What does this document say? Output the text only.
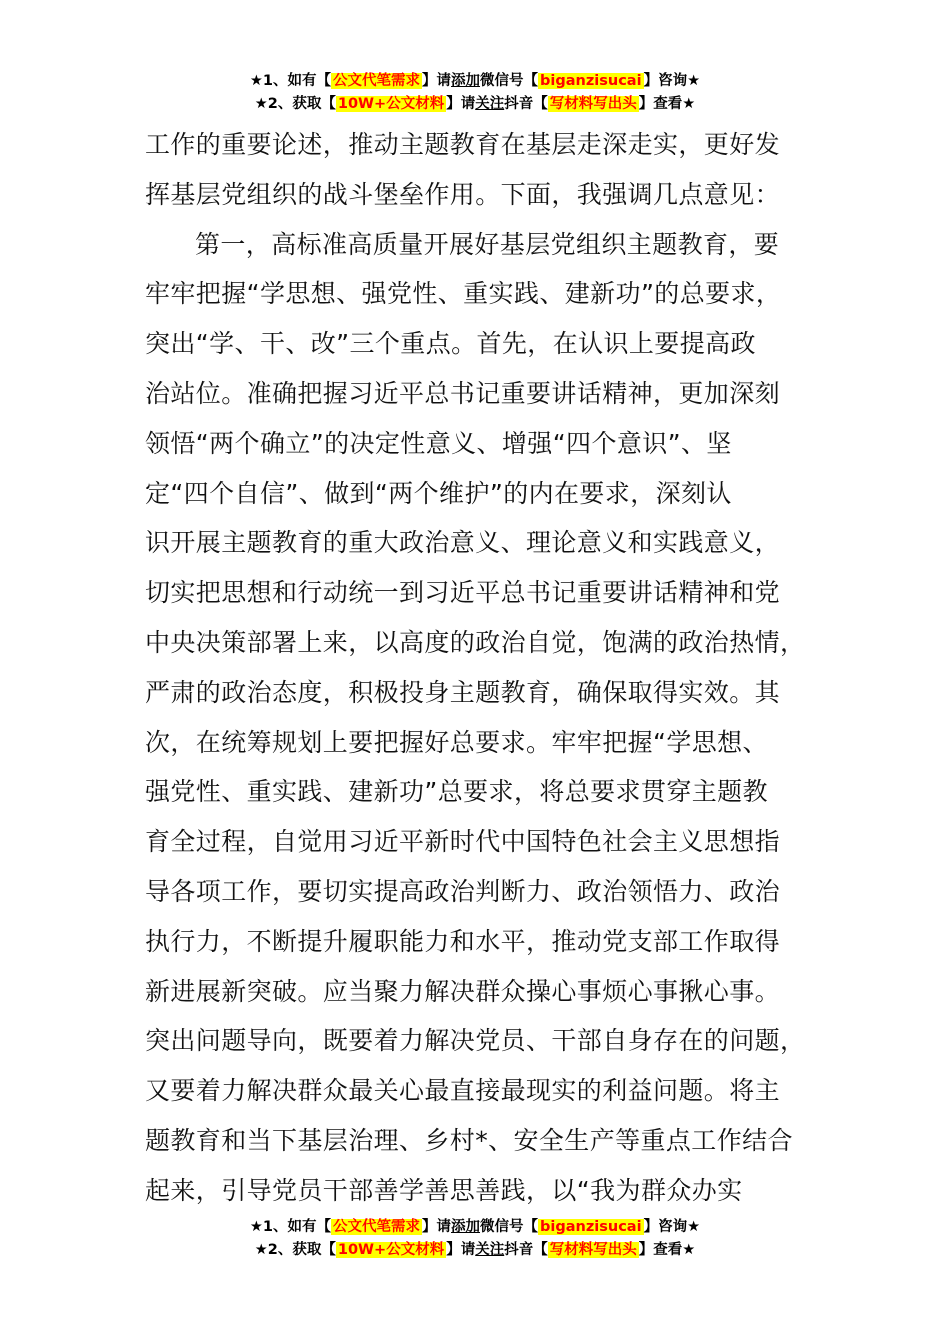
★1、如有【 公文代笔需求 】请添加微信号【 biganzisucai 】咨询★
★2、获取【 10W+公文材料 】请关注抖音【 写材料写出头 】查看★
工作的重要论述，推动主题教育在基层走深走实，更好发
挥基层党组织的战斗堡垒作用。下面，我强调几点意见：
第一，高标准高质量开展好基层党组织主题教育，要
牢牢把握“学思想、强党性、重实践、建新功”的总要求，
突出“学、干、改”三个重点。首先，在认识上要提高政
治站位。准确把握习近平总书记重要讲话精神，更加深刻
领悟“两个确立”的决定性意义、增强“四个意识”、坚
定“四个自信”、做到“两个维护”的内在要求，深刻认
识开展主题教育的重大政治意义、理论意义和实践意义，
切实把思想和行动统一到习近平总书记重要讲话精神和党
中央决策部署上来，以高度的政治自觉，饱满的政治热情，
严肃的政治态度，积极投身主题教育，确保取得实效。其
次，在统筹规划上要把握好总要求。牢牢把握“学思想、
强党性、重实践、建新功”总要求，将总要求贯穿主题教
育全过程，自觉用习近平新时代中国特色社会主义思想指
导各项工作，要切实提高政治判断力、政治领悟力、政治
执行力，不断提升履职能力和水平，推动党支部工作取得
新进展新突破。应当聚力解决群众操心事烦心事揪心事。
突出问题导向，既要着力解决党员、干部自身存在的问题，
又要着力解决群众最关心最直接最现实的利益问题。将主
题教育和当下基层治理、乡村*、安全生产等重点工作结合
起来，引导党员干部善学善思善践，以“我为群众办实
★1、如有【 公文代笔需求 】请添加微信号【 biganzisucai 】咨询★
★2、获取【 10W+公文材料 】请关注抖音【 写材料写出头 】查看★
